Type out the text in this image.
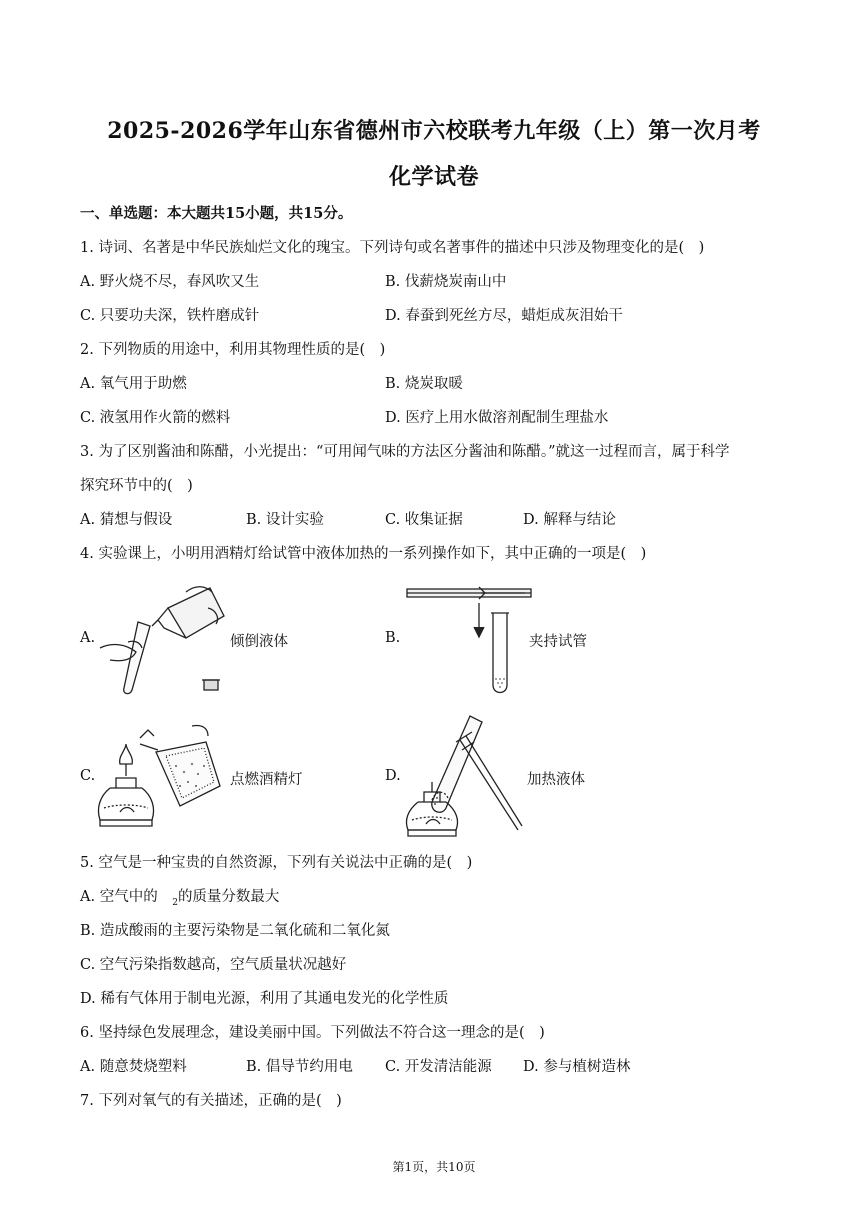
2025-2026学年山东省德州市六校联考九年级（上）第一次月考
化学试卷
一、单选题：本大题共15小题，共15分。
1. 诗词、名著是中华民族灿烂文化的瑰宝。下列诗句或名著事件的描述中只涉及物理变化的是(　)
A. 野火烧不尽，春风吹又生	B. 伐薪烧炭南山中
C. 只要功夫深，铁杵磨成针	D. 春蚕到死丝方尽，蜡炬成灰泪始干
2. 下列物质的用途中，利用其物理性质的是(　)
A. 氧气用于助燃	B. 烧炭取暖
C. 液氢用作火箭的燃料	D. 医疗上用水做溶剂配制生理盐水
3. 为了区别酱油和陈醋，小光提出：“可用闻气味的方法区分酱油和陈醋。”就这一过程而言，属于科学
探究环节中的(　)
A. 猜想与假设	B. 设计实验	C. 收集证据	D. 解释与结论
4. 实验课上，小明用酒精灯给试管中液体加热的一系列操作如下，其中正确的一项是(　)
A.	倾倒液体	B.	夹持试管
C.	点燃酒精灯	D.	加热液体
5. 空气是一种宝贵的自然资源，下列有关说法中正确的是(　)
A. 空气中的　 $_2$的质量分数最大
B. 造成酸雨的主要污染物是二氧化硫和二氧化氮
C. 空气污染指数越高，空气质量状况越好
D. 稀有气体用于制电光源，利用了其通电发光的化学性质
6. 坚持绿色发展理念，建设美丽中国。下列做法不符合这一理念的是(　)
A. 随意焚烧塑料	B. 倡导节约用电 C. 开发清洁能源 D. 参与植树造林
7. 下列对氧气的有关描述，正确的是(　)
第1页，共10页
